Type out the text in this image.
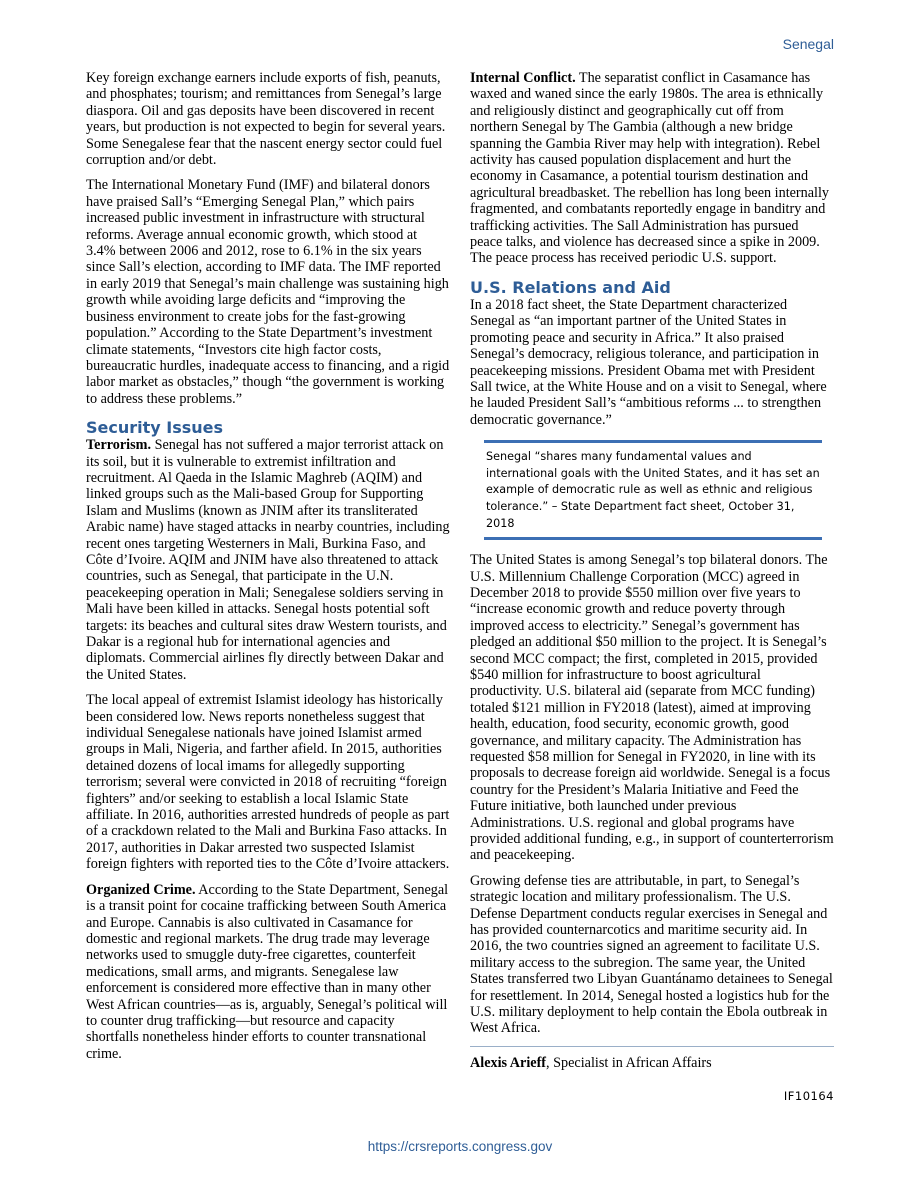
Senegal

Key foreign exchange earners include exports of fish, peanuts, and phosphates; tourism; and remittances from Senegal’s large diaspora. Oil and gas deposits have been discovered in recent years, but production is not expected to begin for several years. Some Senegalese fear that the nascent energy sector could fuel corruption and/or debt.

The International Monetary Fund (IMF) and bilateral donors have praised Sall’s “Emerging Senegal Plan,” which pairs increased public investment in infrastructure with structural reforms. Average annual economic growth, which stood at 3.4% between 2006 and 2012, rose to 6.1% in the six years since Sall’s election, according to IMF data. The IMF reported in early 2019 that Senegal’s main challenge was sustaining high growth while avoiding large deficits and “improving the business environment to create jobs for the fast-growing population.” According to the State Department’s investment climate statements, “Investors cite high factor costs, bureaucratic hurdles, inadequate access to financing, and a rigid labor market as obstacles,” though “the government is working to address these problems.”

Security Issues

Terrorism. Senegal has not suffered a major terrorist attack on its soil, but it is vulnerable to extremist infiltration and recruitment. Al Qaeda in the Islamic Maghreb (AQIM) and linked groups such as the Mali-based Group for Supporting Islam and Muslims (known as JNIM after its transliterated Arabic name) have staged attacks in nearby countries, including recent ones targeting Westerners in Mali, Burkina Faso, and Côte d’Ivoire. AQIM and JNIM have also threatened to attack countries, such as Senegal, that participate in the U.N. peacekeeping operation in Mali; Senegalese soldiers serving in Mali have been killed in attacks. Senegal hosts potential soft targets: its beaches and cultural sites draw Western tourists, and Dakar is a regional hub for international agencies and diplomats. Commercial airlines fly directly between Dakar and the United States.

The local appeal of extremist Islamist ideology has historically been considered low. News reports nonetheless suggest that individual Senegalese nationals have joined Islamist armed groups in Mali, Nigeria, and farther afield. In 2015, authorities detained dozens of local imams for allegedly supporting terrorism; several were convicted in 2018 of recruiting “foreign fighters” and/or seeking to establish a local Islamic State affiliate. In 2016, authorities arrested hundreds of people as part of a crackdown related to the Mali and Burkina Faso attacks. In 2017, authorities in Dakar arrested two suspected Islamist foreign fighters with reported ties to the Côte d’Ivoire attackers.

Organized Crime. According to the State Department, Senegal is a transit point for cocaine trafficking between South America and Europe. Cannabis is also cultivated in Casamance for domestic and regional markets. The drug trade may leverage networks used to smuggle duty-free cigarettes, counterfeit medications, small arms, and migrants. Senegalese law enforcement is considered more effective than in many other West African countries—as is, arguably, Senegal’s political will to counter drug trafficking—but resource and capacity shortfalls nonetheless hinder efforts to counter transnational crime.

Internal Conflict. The separatist conflict in Casamance has waxed and waned since the early 1980s. The area is ethnically and religiously distinct and geographically cut off from northern Senegal by The Gambia (although a new bridge spanning the Gambia River may help with integration). Rebel activity has caused population displacement and hurt the economy in Casamance, a potential tourism destination and agricultural breadbasket. The rebellion has long been internally fragmented, and combatants reportedly engage in banditry and trafficking activities. The Sall Administration has pursued peace talks, and violence has decreased since a spike in 2009. The peace process has received periodic U.S. support.

U.S. Relations and Aid

In a 2018 fact sheet, the State Department characterized Senegal as “an important partner of the United States in promoting peace and security in Africa.” It also praised Senegal’s democracy, religious tolerance, and participation in peacekeeping missions. President Obama met with President Sall twice, at the White House and on a visit to Senegal, where he lauded President Sall’s “ambitious reforms ... to strengthen democratic governance.”

Senegal “shares many fundamental values and international goals with the United States, and it has set an example of democratic rule as well as ethnic and religious tolerance.” – State Department fact sheet, October 31, 2018

The United States is among Senegal’s top bilateral donors. The U.S. Millennium Challenge Corporation (MCC) agreed in December 2018 to provide $550 million over five years to “increase economic growth and reduce poverty through improved access to electricity.” Senegal’s government has pledged an additional $50 million to the project. It is Senegal’s second MCC compact; the first, completed in 2015, provided $540 million for infrastructure to boost agricultural productivity. U.S. bilateral aid (separate from MCC funding) totaled $121 million in FY2018 (latest), aimed at improving health, education, food security, economic growth, good governance, and military capacity. The Administration has requested $58 million for Senegal in FY2020, in line with its proposals to decrease foreign aid worldwide. Senegal is a focus country for the President’s Malaria Initiative and Feed the Future initiative, both launched under previous Administrations. U.S. regional and global programs have provided additional funding, e.g., in support of counterterrorism and peacekeeping.

Growing defense ties are attributable, in part, to Senegal’s strategic location and military professionalism. The U.S. Defense Department conducts regular exercises in Senegal and has provided counternarcotics and maritime security aid. In 2016, the two countries signed an agreement to facilitate U.S. military access to the subregion. The same year, the United States transferred two Libyan Guantánamo detainees to Senegal for resettlement. In 2014, Senegal hosted a logistics hub for the U.S. military deployment to help contain the Ebola outbreak in West Africa.

Alexis Arieff, Specialist in African Affairs

IF10164
https://crsreports.congress.gov
